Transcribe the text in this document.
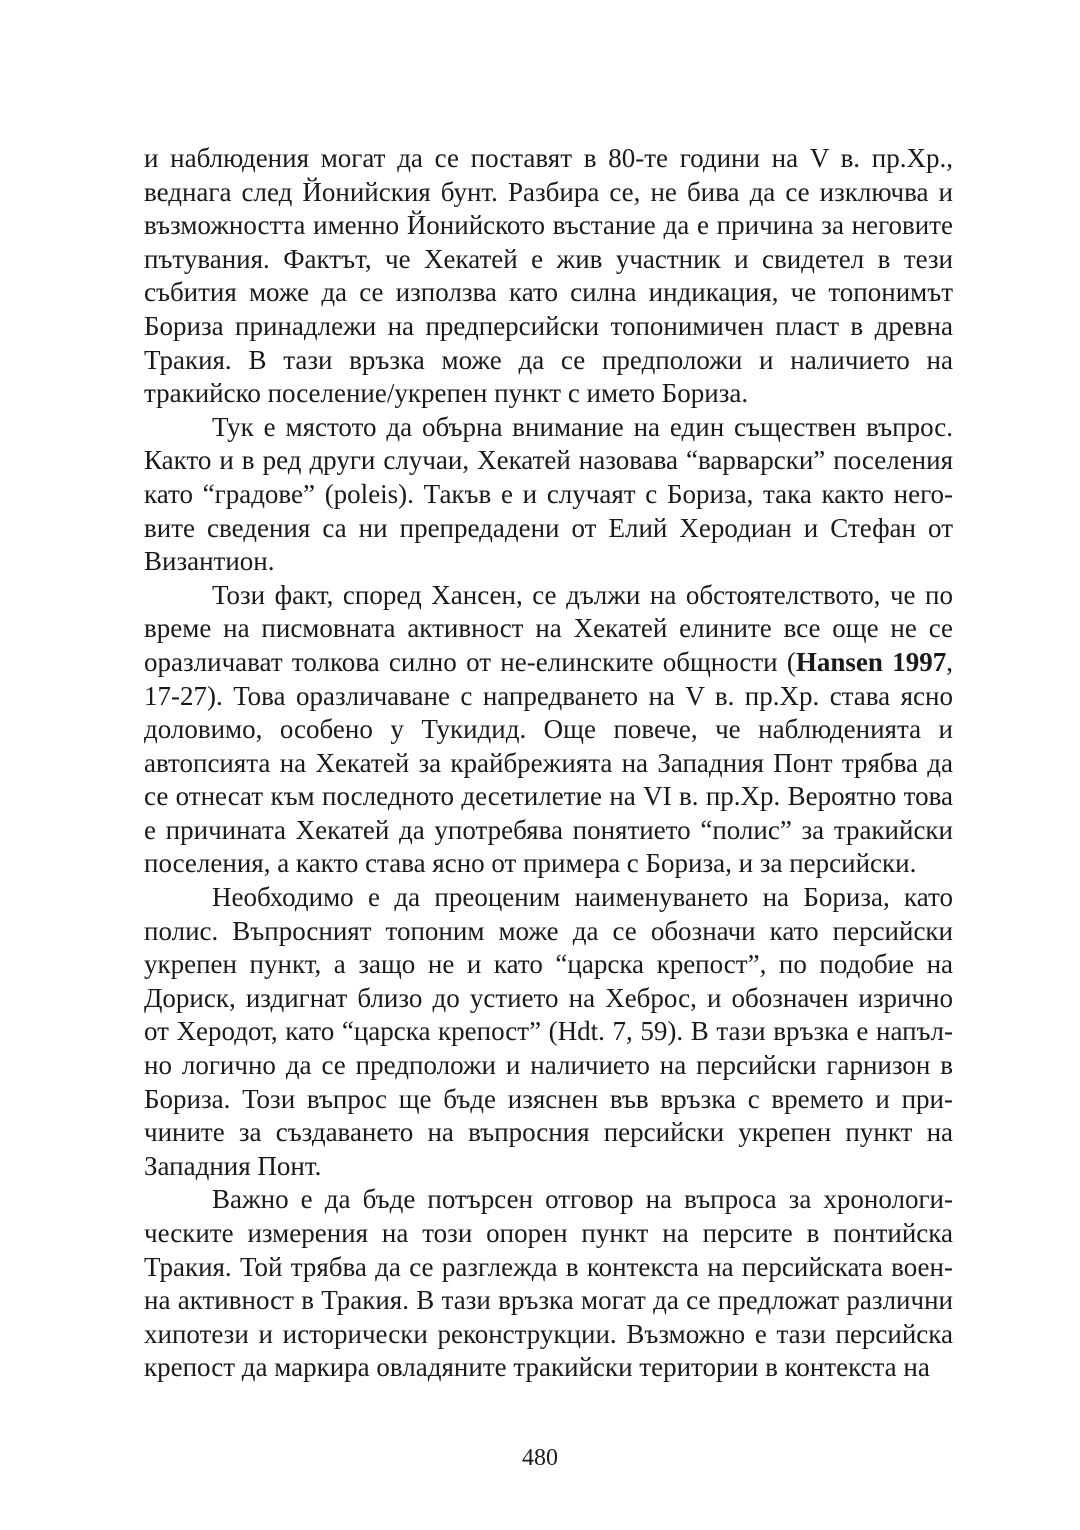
и наблюдения могат да се поставят в 80-те години на V в. пр.Хр., веднага след Йонийския бунт. Разбира се, не бива да се изключва и възможността именно Йонийското въстание да е причина за неговите пътувания. Фактът, че Хекатей е жив участник и свидетел в тези събития може да се използва като силна индикация, че топонимът Бориза принадлежи на предперсийски топонимичен пласт в древна Тракия. В тази връзка може да се предположи и наличието на тракийско поселение/укрепен пункт с името Бориза.

Тук е мястото да обърна внимание на един съществен въпрос. Както и в ред други случаи, Хекатей назовава “варварски” поселения като “градове” (poleis). Такъв е и случаят с Бориза, така както неговите сведения са ни препредадени от Елий Херодиан и Стефан от Византион.

Този факт, според Хансен, се дължи на обстоятелството, че по време на писмовната активност на Хекатей елините все още не се оразличават толкова силно от не-елинските общности (Hansen 1997, 17-27). Това оразличаване с напредването на V в. пр.Хр. става ясно доловимо, особено у Тукидид. Още повече, че наблюденията и автопсията на Хекатей за крайбрежията на Западния Понт трябва да се отнесат към последното десетилетие на VI в. пр.Хр. Вероятно това е причината Хекатей да употребява понятието “полис” за тракийски поселения, а както става ясно от примера с Бориза, и за персийски.

Необходимо е да преоценим наименуването на Бориза, като полис. Въпросният топоним може да се обозначи като персийски укрепен пункт, а защо не и като “царска крепост”, по подобие на Дориск, издигнат близо до устието на Хеброс, и обозначен изрично от Херодот, като “царска крепост” (Hdt. 7, 59). В тази връзка е напълно логично да се предположи и наличието на персийски гарнизон в Бориза. Този въпрос ще бъде изяснен във връзка с времето и причините за създаването на въпросния персийски укрепен пункт на Западния Понт.

Важно е да бъде потърсен отговор на въпроса за хронологическите измерения на този опорен пункт на персите в понтийска Тракия. Той трябва да се разглежда в контекста на персийската военна активност в Тракия. В тази връзка могат да се предложат различни хипотези и исторически реконструкции. Възможно е тази персийска крепост да маркира овладяните тракийски територии в контекста на

480
